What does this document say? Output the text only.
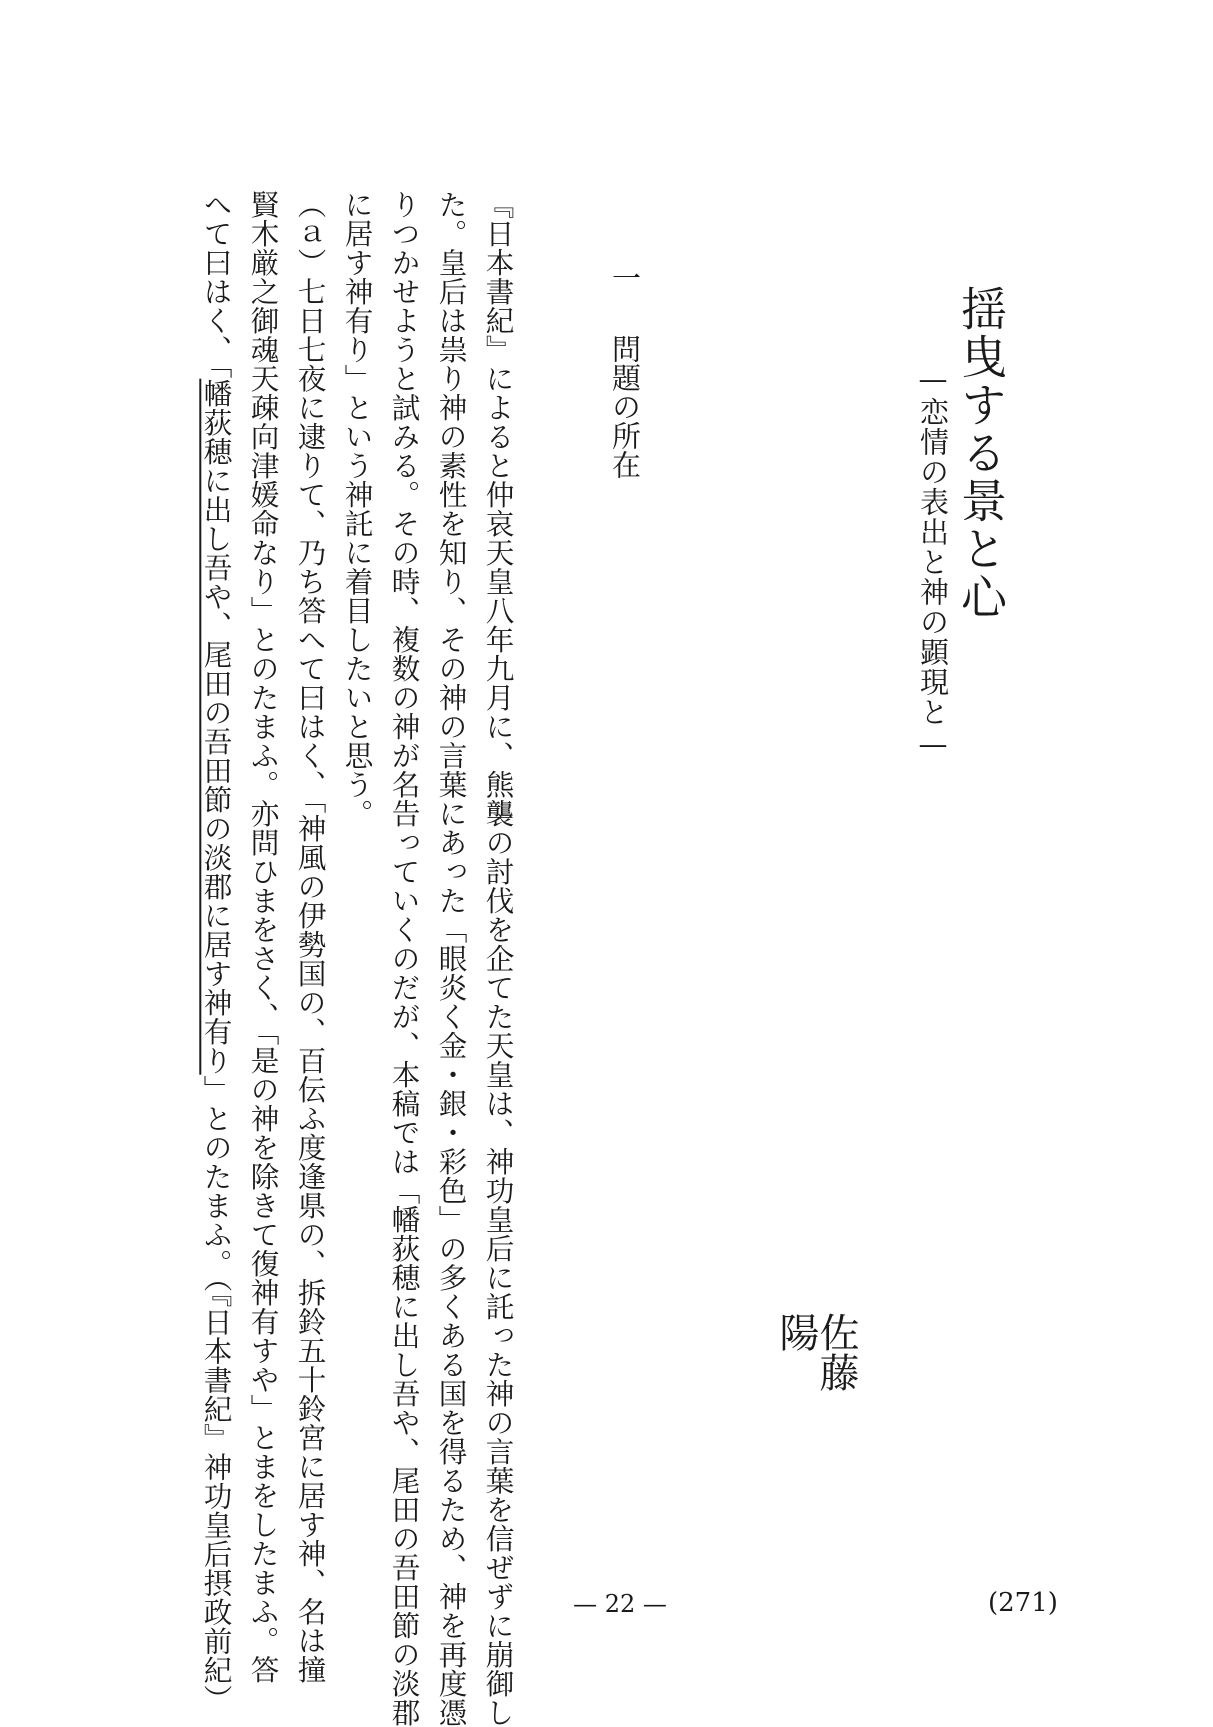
揺曳する景と心
—恋情の表出と神の顕現と—
佐藤
陽
一問題の所在
『日本書紀』によると仲哀天皇八年九月に、熊襲の討伐を企てた天皇は、神功皇后に託った神の言葉を信ぜずに崩御し
た。皇后は祟り神の素性を知り、その神の言葉にあった「眼炎く金・銀・彩色」の多くある国を得るため、神を再度憑
りつかせようと試みる。その時、複数の神が名告っていくのだが、本稿では「幡荻穂に出し吾や、尾田の吾田節の淡郡
に居す神有り」という神託に着目したいと思う。
（ａ）七日七夜に逮りて、乃ち答へて曰はく、「神風の伊勢国の、百伝ふ度逢県の、拆鈴五十鈴宮に居す神、名は撞
賢木厳之御魂天疎向津媛命なり」とのたまふ。亦問ひまをさく、「是の神を除きて復神有すや」とまをしたまふ。答
へて曰はく、「幡荻穂に出し吾や、尾田の吾田節の淡郡に居す神有り」とのたまふ。（『日本書紀』神功皇后摂政前紀）	— 22 —	(271)
